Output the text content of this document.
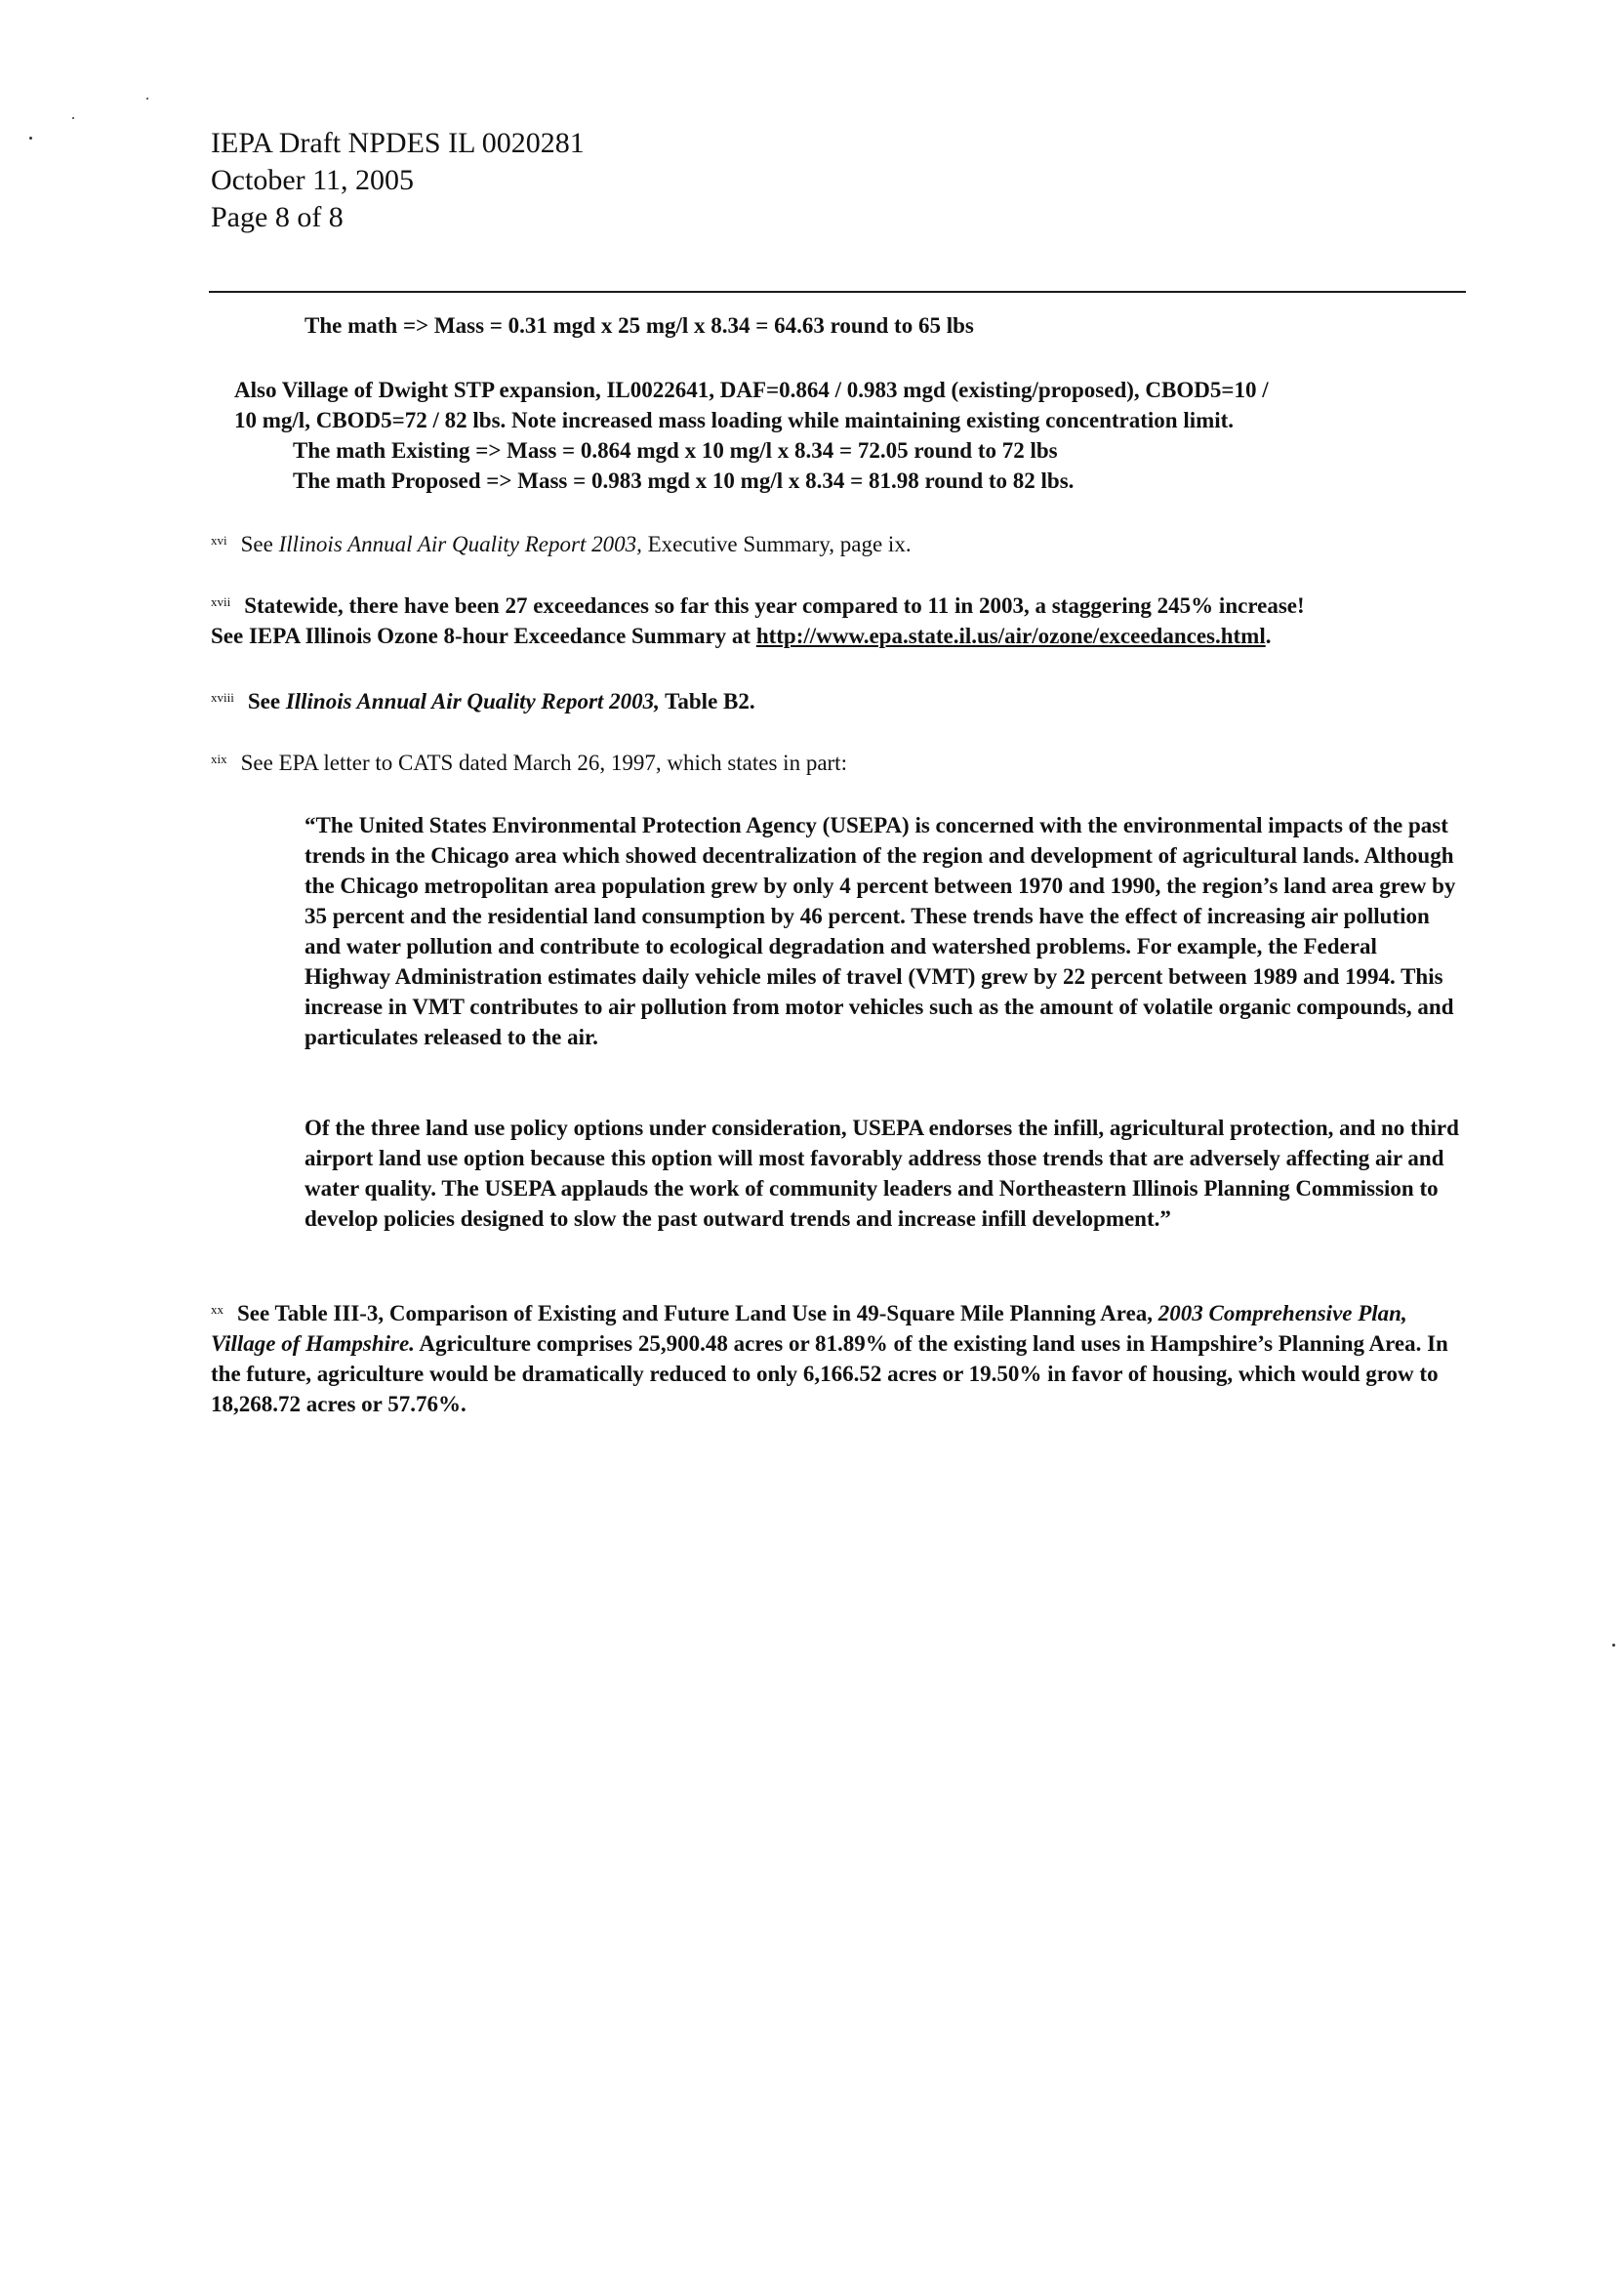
IEPA Draft NPDES IL 0020281
October 11, 2005
Page 8 of 8
The math => Mass = 0.31 mgd x 25 mg/l x 8.34 = 64.63 round to 65 lbs
Also Village of Dwight STP expansion, IL0022641, DAF=0.864 / 0.983 mgd (existing/proposed), CBOD5=10 /
10 mg/l, CBOD5=72 / 82 lbs. Note increased mass loading while maintaining existing concentration limit.
The math Existing => Mass = 0.864 mgd x 10 mg/l x 8.34 = 72.05 round to 72 lbs
The math Proposed => Mass = 0.983 mgd x 10 mg/l x 8.34 = 81.98 round to 82 lbs.
$^{xvi}$ See Illinois Annual Air Quality Report 2003, Executive Summary, page ix.
$^{xvii}$ Statewide, there have been 27 exceedances so far this year compared to 11 in 2003, a staggering 245% increase!
See IEPA Illinois Ozone 8-hour Exceedance Summary at http://www.epa.state.il.us/air/ozone/exceedances.html.
$^{xviii}$ See Illinois Annual Air Quality Report 2003, Table B2.
$^{xix}$ See EPA letter to CATS dated March 26, 1997, which states in part:
“The United States Environmental Protection Agency (USEPA) is concerned with the environmental impacts of the past trends in the Chicago area which showed decentralization of the region and development of agricultural lands. Although the Chicago metropolitan area population grew by only 4 percent between 1970 and 1990, the region’s land area grew by 35 percent and the residential land consumption by 46 percent. These trends have the effect of increasing air pollution and water pollution and contribute to ecological degradation and watershed problems. For example, the Federal Highway Administration estimates daily vehicle miles of travel (VMT) grew by 22 percent between 1989 and 1994. This increase in VMT contributes to air pollution from motor vehicles such as the amount of volatile organic compounds, and particulates released to the air.
Of the three land use policy options under consideration, USEPA endorses the infill, agricultural protection, and no third airport land use option because this option will most favorably address those trends that are adversely affecting air and water quality. The USEPA applauds the work of community leaders and Northeastern Illinois Planning Commission to develop policies designed to slow the past outward trends and increase infill development.”
$^{xx}$ See Table III-3, Comparison of Existing and Future Land Use in 49-Square Mile Planning Area, 2003 Comprehensive Plan, Village of Hampshire. Agriculture comprises 25,900.48 acres or 81.89% of the existing land uses in Hampshire’s Planning Area. In the future, agriculture would be dramatically reduced to only 6,166.52 acres or 19.50% in favor of housing, which would grow to 18,268.72 acres or 57.76%.
